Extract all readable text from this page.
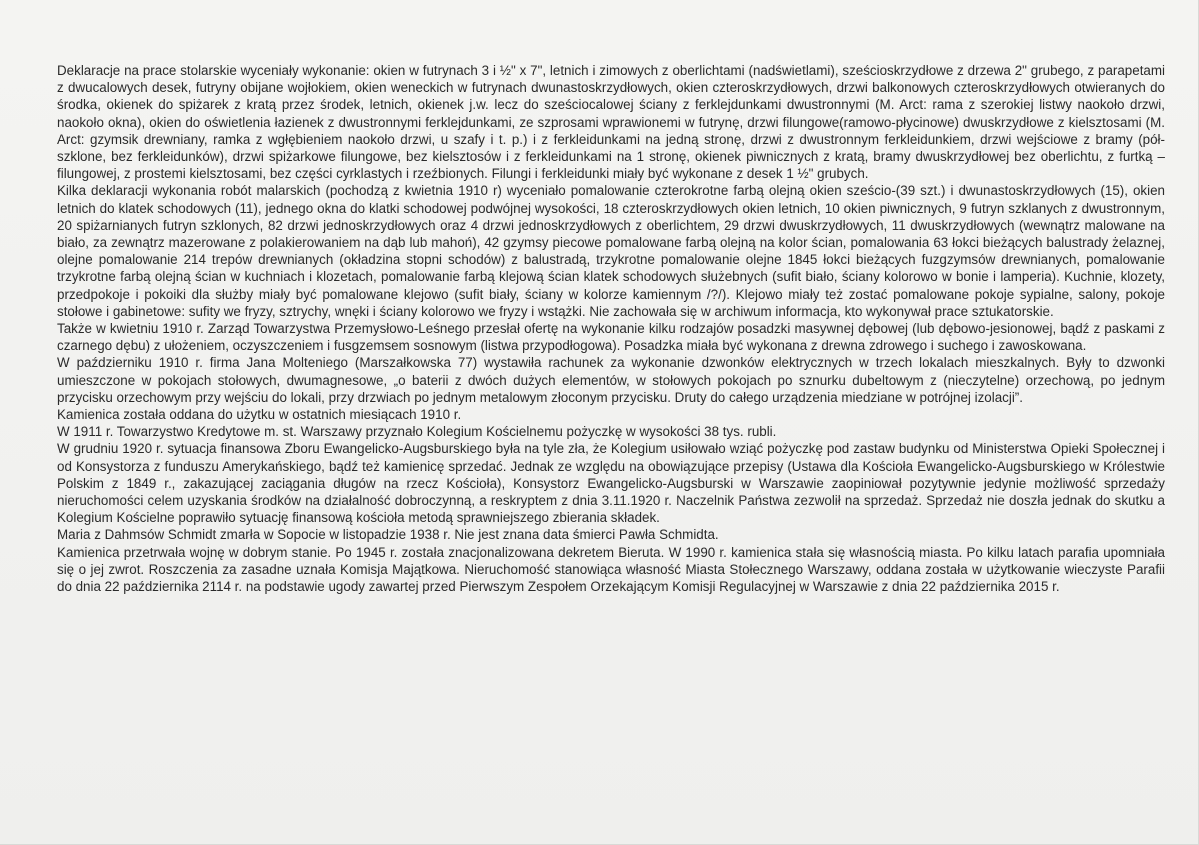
Deklaracje na prace stolarskie wyceniały wykonanie: okien w futrynach 3 i ½" x 7", letnich i zimowych z oberlichtami (nadświetlami), sześcioskrzydłowe z drzewa 2" grubego, z parapetami z dwucalowych desek, futryny obijane wojłokiem, okien weneckich w futrynach dwunastoskrzydłowych, okien czteroskrzydłowych, drzwi balkonowych czteroskrzydłowych otwieranych do środka, okienek do spiżarek z kratą przez środek, letnich, okienek j.w. lecz do sześciocalowej ściany z ferklejdunkami dwustronnymi (M. Arct: rama z szerokiej listwy naokoło drzwi, naokoło okna), okien do oświetlenia łazienek z dwustronnymi ferklejdunkami, ze szprosami wprawionemi w futrynę, drzwi filungowe(ramowo-płycinowe) dwuskrzydłowe z kielsztosami (M. Arct: gzymsik drewniany, ramka z wgłębieniem naokoło drzwi, u szafy i t. p.) i z ferkleidunkami na jedną stronę, drzwi z dwustronnym ferkleidunkiem, drzwi wejściowe z bramy (pół-szklone, bez ferkleidunków), drzwi spiżarkowe filungowe, bez kielsztosów i z ferkleidunkami na 1 stronę, okienek piwnicznych z kratą, bramy dwuskrzydłowej bez oberlichtu, z furtką – filungowej, z prostemi kielsztosami, bez części cyrklastych i rzeźbionych. Filungi i ferkleidunki miały być wykonane z desek 1 ½" grubych.

Kilka deklaracji wykonania robót malarskich (pochodzą z kwietnia 1910 r) wyceniało pomalowanie czterokrotne farbą olejną okien sześcio-(39 szt.) i dwunastoskrzydłowych (15), okien letnich do klatek schodowych (11), jednego okna do klatki schodowej podwójnej wysokości, 18 czteroskrzydłowych okien letnich, 10 okien piwnicznych, 9 futryn szklanych z dwustronnym, 20 spiżarnianych futryn szklonych, 82 drzwi jednoskrzydłowych oraz 4 drzwi jednoskrzydłowych z oberlichtem, 29 drzwi dwuskrzydłowych, 11 dwuskrzydłowych (wewnątrz malowane na biało, za zewnątrz mazerowane z polakierowaniem na dąb lub mahoń), 42 gzymsy piecowe pomalowane farbą olejną na kolor ścian, pomalowania 63 łokci bieżących balustrady żelaznej, olejne pomalowanie 214 trepów drewnianych (okładzina stopni schodów) z balustradą, trzykrotne pomalowanie olejne 1845 łokci bieżących fuzgzymsów drewnianych, pomalowanie trzykrotne farbą olejną ścian w kuchniach i klozetach, pomalowanie farbą klejową ścian klatek schodowych służebnych (sufit biało, ściany kolorowo w bonie i lamperia). Kuchnie, klozety, przedpokoje i pokoiki dla służby miały być pomalowane klejowo (sufit biały, ściany w kolorze kamiennym /?/). Klejowo miały też zostać pomalowane pokoje sypialne, salony, pokoje stołowe i gabinetowe: sufity we fryzy, sztrychy, wnęki i ściany kolorowo we fryzy i wstążki. Nie zachowała się w archiwum informacja, kto wykonywał prace sztukatorskie.

Także w kwietniu 1910 r. Zarząd Towarzystwa Przemysłowo-Leśnego przesłał ofertę na wykonanie kilku rodzajów posadzki masywnej dębowej (lub dębowo-jesionowej, bądź z paskami z czarnego dębu) z ułożeniem, oczyszczeniem i fusgzemsem sosnowym (listwa przypodłogowa). Posadzka miała być wykonana z drewna zdrowego i suchego i zawoskowana.

W październiku 1910 r. firma Jana Molteniego (Marszałkowska 77) wystawiła rachunek za wykonanie dzwonków elektrycznych w trzech lokalach mieszkalnych. Były to dzwonki umieszczone w pokojach stołowych, dwumagnesowe, „o baterii z dwóch dużych elementów, w stołowych pokojach po sznurku dubeltowym z (nieczytelne) orzechową, po jednym przycisku orzechowym przy wejściu do lokali, przy drzwiach po jednym metalowym złoconym przycisku. Druty do całego urządzenia miedziane w potrójnej izolacji”.

Kamienica została oddana do użytku w ostatnich miesiącach 1910 r.

W 1911 r. Towarzystwo Kredytowe m. st. Warszawy przyznało Kolegium Kościelnemu pożyczkę w wysokości 38 tys. rubli.

W grudniu 1920 r. sytuacja finansowa Zboru Ewangelicko-Augsburskiego była na tyle zła, że Kolegium usiłowało wziąć pożyczkę pod zastaw budynku od Ministerstwa Opieki Społecznej i od Konsystorza z funduszu Amerykańskiego, bądź też kamienicę sprzedać. Jednak ze względu na obowiązujące przepisy (Ustawa dla Kościoła Ewangelicko-Augsburskiego w Królestwie Polskim z 1849 r., zakazującej zaciągania długów na rzecz Kościoła), Konsystorz Ewangelicko-Augsburski w Warszawie zaopiniował pozytywnie jedynie możliwość sprzedaży nieruchomości celem uzyskania środków na działalność dobroczynną, a reskryptem z dnia 3.11.1920 r. Naczelnik Państwa zezwolił na sprzedaż. Sprzedaż nie doszła jednak do skutku a Kolegium Kościelne poprawiło sytuację finansową kościoła metodą sprawniejszego zbierania składek.

Maria z Dahmsów Schmidt zmarła w Sopocie w listopadzie 1938 r. Nie jest znana data śmierci Pawła Schmidta.

Kamienica przetrwała wojnę w dobrym stanie. Po 1945 r. została znacjonalizowana dekretem Bieruta. W 1990 r. kamienica stała się własnością miasta. Po kilku latach parafia upomniała się o jej zwrot. Roszczenia za zasadne uznała Komisja Majątkowa. Nieruchomość stanowiąca własność Miasta Stołecznego Warszawy, oddana została w użytkowanie wieczyste Parafii do dnia 22 października 2114 r. na podstawie ugody zawartej przed Pierwszym Zespołem Orzekającym Komisji Regulacyjnej w Warszawie z dnia 22 października 2015 r.
